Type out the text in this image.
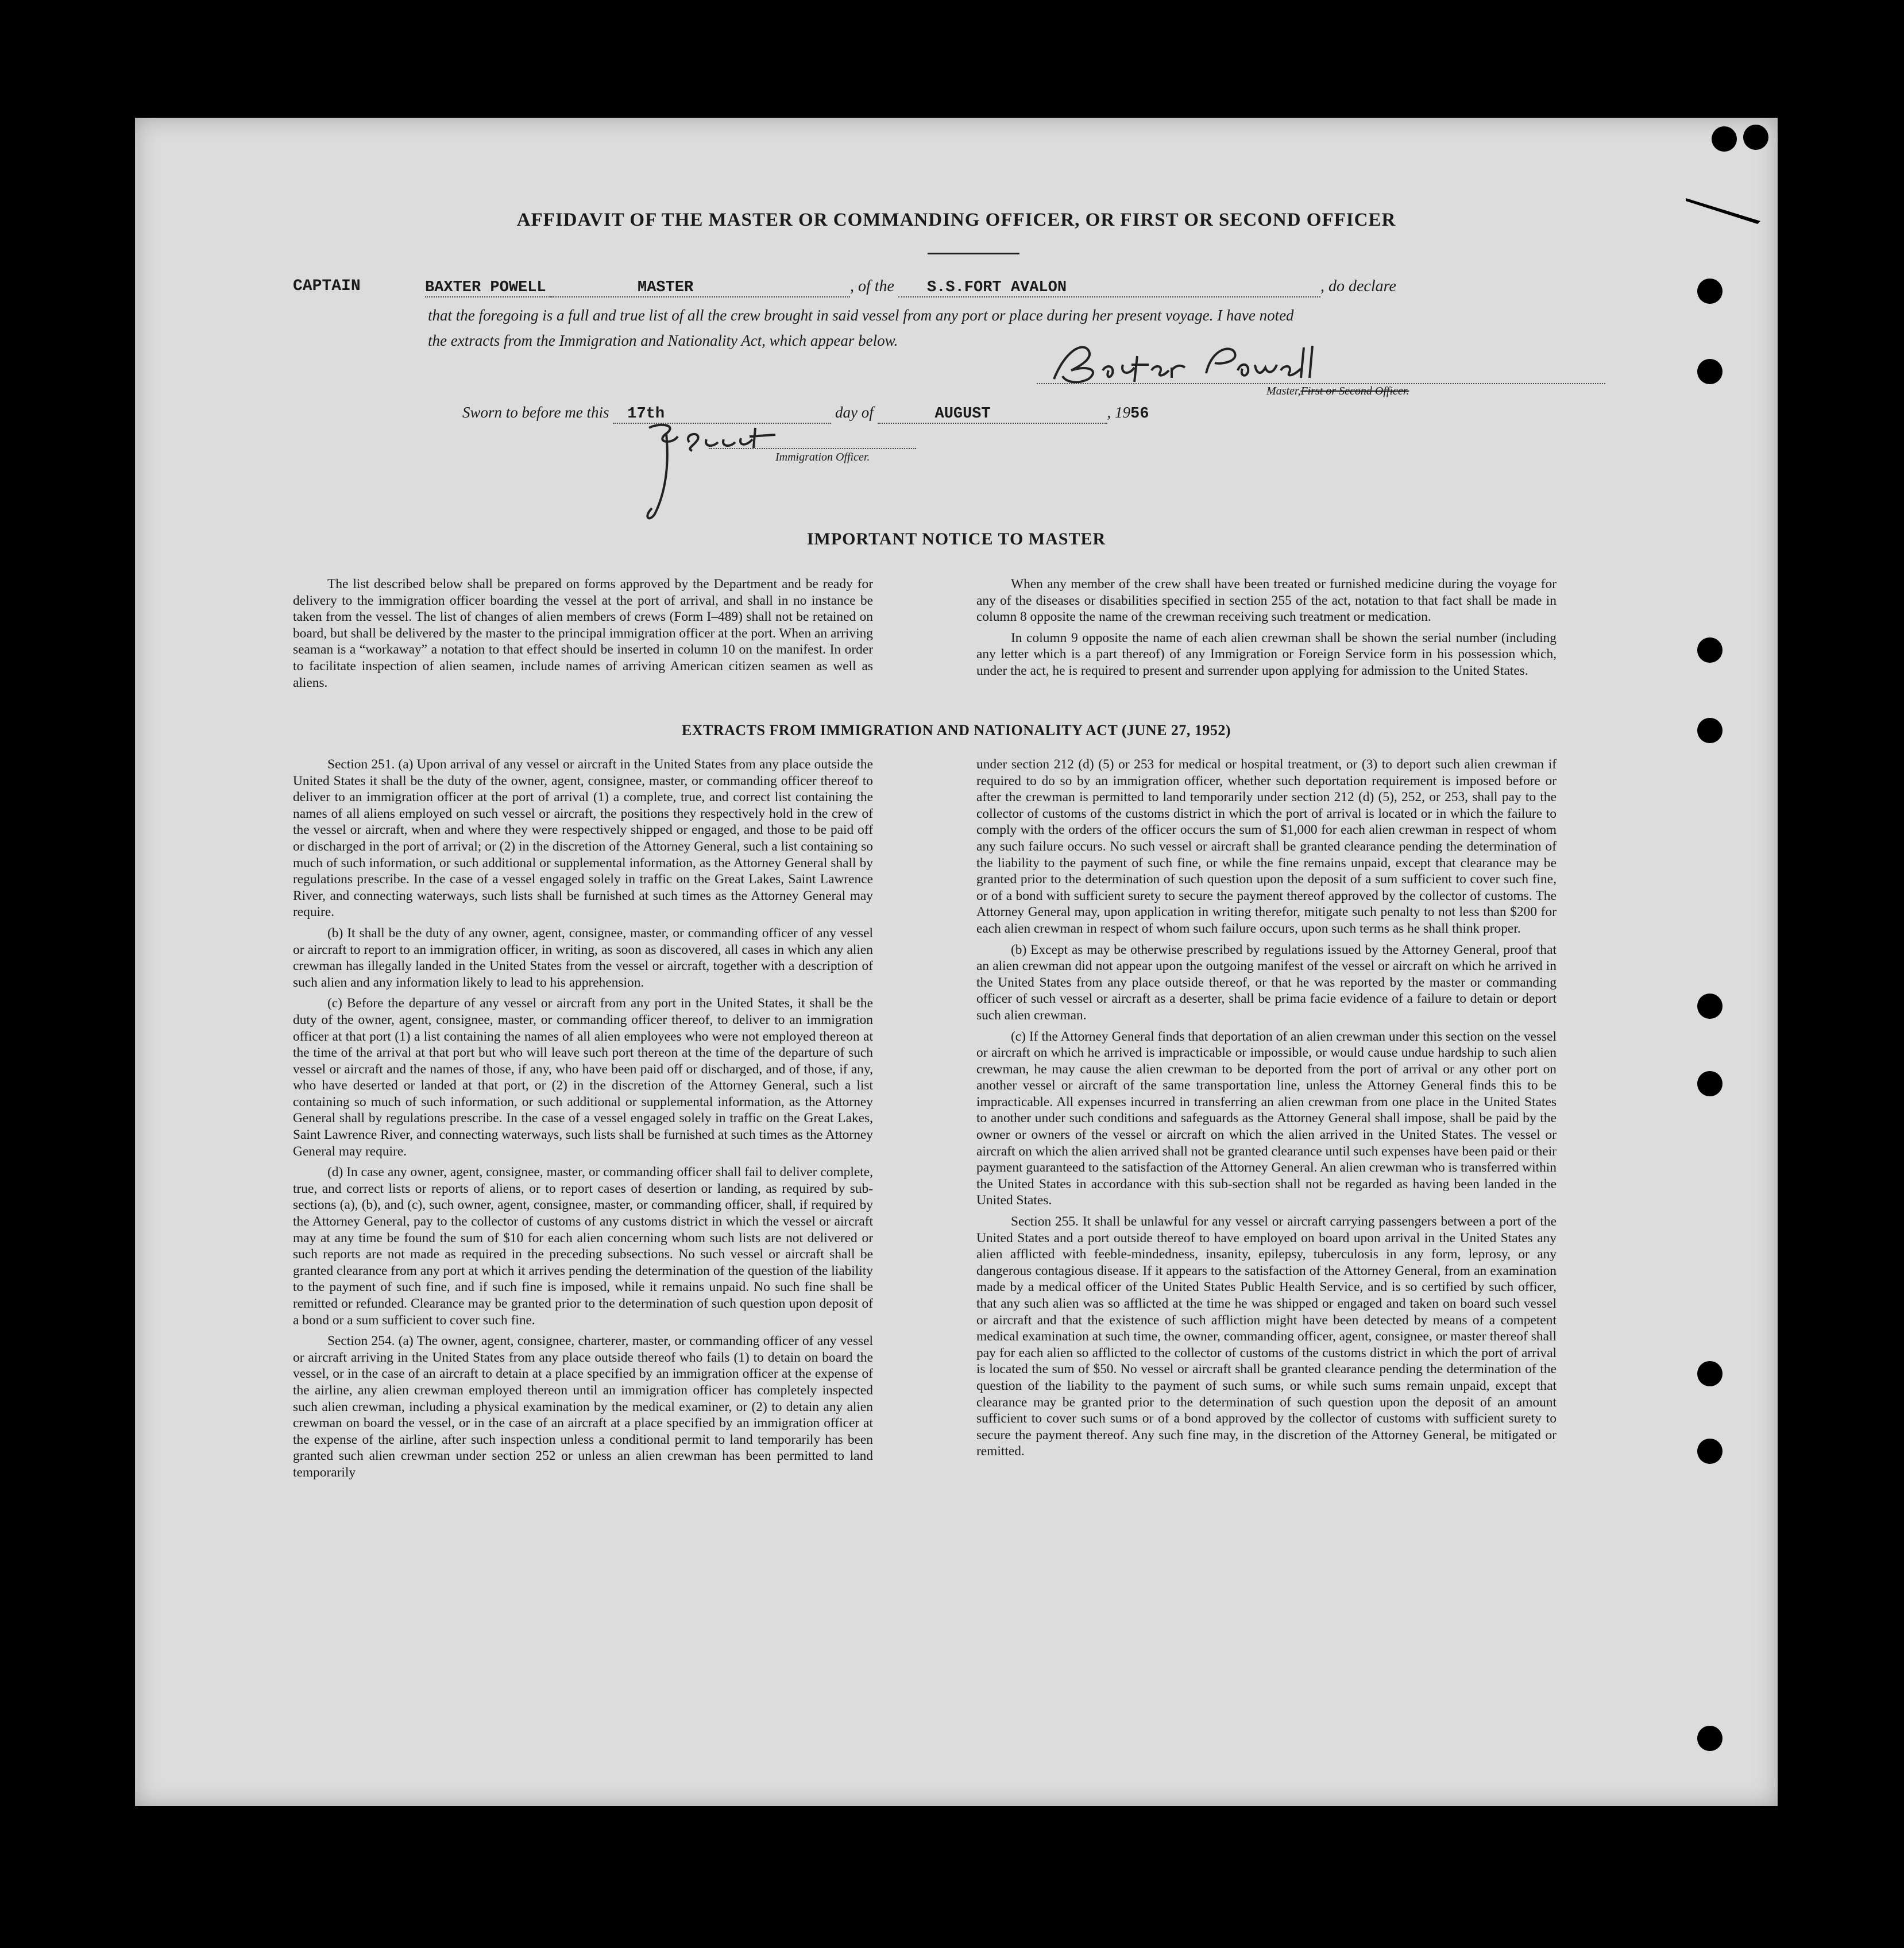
AFFIDAVIT OF THE MASTER OR COMMANDING OFFICER, OR FIRST OR SECOND OFFICER
CAPTAIN	BAXTER POWELL	MASTER	, of the S.S.FORT AVALON	, do declare
that the foregoing is a full and true list of all the crew brought in said vessel from any port or place during her present voyage. I have noted
the extracts from the Immigration and Nationality Act, which appear below.
Master,First or Second Officer.
Sworn to before me this 17th	day of	AUGUST	, 1956
Immigration Officer.
IMPORTANT NOTICE TO MASTER

The list described below shall be prepared on forms approved by the Department and be ready for delivery to the immigration officer boarding the vessel at the port of arrival, and shall in no instance be taken from the vessel. The list of changes of alien members of crews (Form I–489) shall not be retained on board, but shall be delivered by the master to the principal immigration officer at the port. When an arriving seaman is a “workaway” a notation to that effect should be inserted in column 10 on the manifest. In order to facilitate inspection of alien seamen, include names of arriving American citizen seamen as well as aliens.

When any member of the crew shall have been treated or furnished medicine during the voyage for any of the diseases or disabilities specified in section 255 of the act, notation to that fact shall be made in column 8 opposite the name of the crewman receiving such treatment or medication.

In column 9 opposite the name of each alien crewman shall be shown the serial number (including any letter which is a part thereof) of any Immigration or Foreign Service form in his possession which, under the act, he is required to present and surrender upon applying for admission to the United States.

EXTRACTS FROM IMMIGRATION AND NATIONALITY ACT (JUNE 27, 1952)

Section 251. (a) Upon arrival of any vessel or aircraft in the United States from any place outside the United States it shall be the duty of the owner, agent, consignee, master, or commanding officer thereof to deliver to an immigration officer at the port of arrival (1) a complete, true, and correct list containing the names of all aliens employed on such vessel or aircraft, the positions they respectively hold in the crew of the vessel or aircraft, when and where they were respectively shipped or engaged, and those to be paid off or discharged in the port of arrival; or (2) in the discretion of the Attorney General, such a list containing so much of such information, or such additional or supplemental information, as the Attorney General shall by regulations prescribe. In the case of a vessel engaged solely in traffic on the Great Lakes, Saint Lawrence River, and connecting waterways, such lists shall be furnished at such times as the Attorney General may require.

(b) It shall be the duty of any owner, agent, consignee, master, or commanding officer of any vessel or aircraft to report to an immigration officer, in writing, as soon as discovered, all cases in which any alien crewman has illegally landed in the United States from the vessel or aircraft, together with a description of such alien and any information likely to lead to his apprehension.

(c) Before the departure of any vessel or aircraft from any port in the United States, it shall be the duty of the owner, agent, consignee, master, or commanding officer thereof, to deliver to an immigration officer at that port (1) a list containing the names of all alien employees who were not employed thereon at the time of the arrival at that port but who will leave such port thereon at the time of the departure of such vessel or aircraft and the names of those, if any, who have been paid off or discharged, and of those, if any, who have deserted or landed at that port, or (2) in the discretion of the Attorney General, such a list containing so much of such information, or such additional or supplemental information, as the Attorney General shall by regulations prescribe. In the case of a vessel engaged solely in traffic on the Great Lakes, Saint Lawrence River, and connecting waterways, such lists shall be furnished at such times as the Attorney General may require.

(d) In case any owner, agent, consignee, master, or commanding officer shall fail to deliver complete, true, and correct lists or reports of aliens, or to report cases of desertion or landing, as required by sub-sections (a), (b), and (c), such owner, agent, consignee, master, or commanding officer, shall, if required by the Attorney General, pay to the collector of customs of any customs district in which the vessel or aircraft may at any time be found the sum of $10 for each alien concerning whom such lists are not delivered or such reports are not made as required in the preceding subsections. No such vessel or aircraft shall be granted clearance from any port at which it arrives pending the determination of the question of the liability to the payment of such fine, and if such fine is imposed, while it remains unpaid. No such fine shall be remitted or refunded. Clearance may be granted prior to the determination of such question upon deposit of a bond or a sum sufficient to cover such fine.

Section 254. (a) The owner, agent, consignee, charterer, master, or commanding officer of any vessel or aircraft arriving in the United States from any place outside thereof who fails (1) to detain on board the vessel, or in the case of an aircraft to detain at a place specified by an immigration officer at the expense of the airline, any alien crewman employed thereon until an immigration officer has completely inspected such alien crewman, including a physical examination by the medical examiner, or (2) to detain any alien crewman on board the vessel, or in the case of an aircraft at a place specified by an immigration officer at the expense of the airline, after such inspection unless a conditional permit to land temporarily has been granted such alien crewman under section 252 or unless an alien crewman has been permitted to land temporarily

under section 212 (d) (5) or 253 for medical or hospital treatment, or (3) to deport such alien crewman if required to do so by an immigration officer, whether such deportation requirement is imposed before or after the crewman is permitted to land temporarily under section 212 (d) (5), 252, or 253, shall pay to the collector of customs of the customs district in which the port of arrival is located or in which the failure to comply with the orders of the officer occurs the sum of $1,000 for each alien crewman in respect of whom any such failure occurs. No such vessel or aircraft shall be granted clearance pending the determination of the liability to the payment of such fine, or while the fine remains unpaid, except that clearance may be granted prior to the determination of such question upon the deposit of a sum sufficient to cover such fine, or of a bond with sufficient surety to secure the payment thereof approved by the collector of customs. The Attorney General may, upon application in writing therefor, mitigate such penalty to not less than $200 for each alien crewman in respect of whom such failure occurs, upon such terms as he shall think proper.

(b) Except as may be otherwise prescribed by regulations issued by the Attorney General, proof that an alien crewman did not appear upon the outgoing manifest of the vessel or aircraft on which he arrived in the United States from any place outside thereof, or that he was reported by the master or commanding officer of such vessel or aircraft as a deserter, shall be prima facie evidence of a failure to detain or deport such alien crewman.

(c) If the Attorney General finds that deportation of an alien crewman under this section on the vessel or aircraft on which he arrived is impracticable or impossible, or would cause undue hardship to such alien crewman, he may cause the alien crewman to be deported from the port of arrival or any other port on another vessel or aircraft of the same transportation line, unless the Attorney General finds this to be impracticable. All expenses incurred in transferring an alien crewman from one place in the United States to another under such conditions and safeguards as the Attorney General shall impose, shall be paid by the owner or owners of the vessel or aircraft on which the alien arrived in the United States. The vessel or aircraft on which the alien arrived shall not be granted clearance until such expenses have been paid or their payment guaranteed to the satisfaction of the Attorney General. An alien crewman who is transferred within the United States in accordance with this sub-section shall not be regarded as having been landed in the United States.

Section 255. It shall be unlawful for any vessel or aircraft carrying passengers between a port of the United States and a port outside thereof to have employed on board upon arrival in the United States any alien afflicted with feeble-mindedness, insanity, epilepsy, tuberculosis in any form, leprosy, or any dangerous contagious disease. If it appears to the satisfaction of the Attorney General, from an examination made by a medical officer of the United States Public Health Service, and is so certified by such officer, that any such alien was so afflicted at the time he was shipped or engaged and taken on board such vessel or aircraft and that the existence of such affliction might have been detected by means of a competent medical examination at such time, the owner, commanding officer, agent, consignee, or master thereof shall pay for each alien so afflicted to the collector of customs of the customs district in which the port of arrival is located the sum of $50. No vessel or aircraft shall be granted clearance pending the determination of the question of the liability to the payment of such sums, or while such sums remain unpaid, except that clearance may be granted prior to the determination of such question upon the deposit of an amount sufficient to cover such sums or of a bond approved by the collector of customs with sufficient surety to secure the payment thereof. Any such fine may, in the discretion of the Attorney General, be mitigated or remitted.
